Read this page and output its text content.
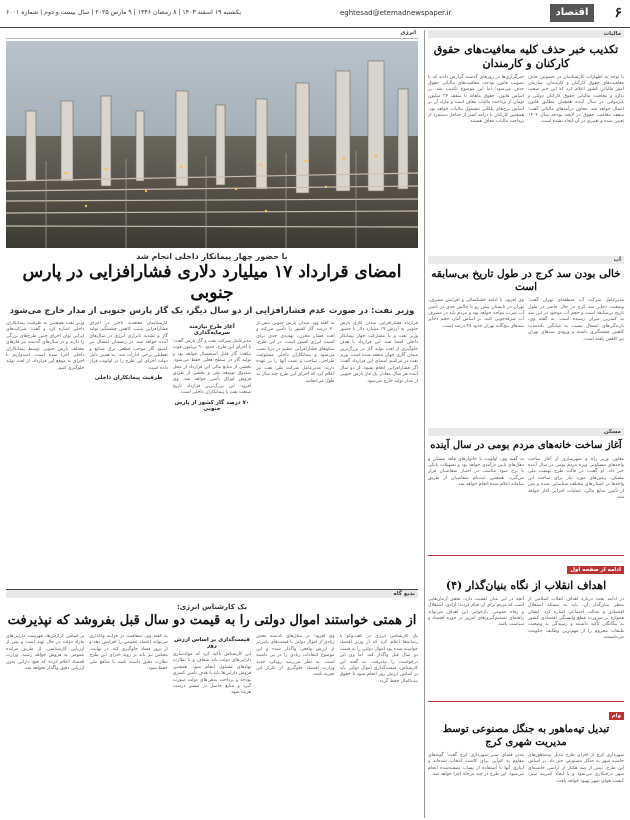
۶
اقتصاد
eghtesad@etemadnewspaper.ir
یکشنبه ۱۹ اسفند ۱۴۰۳ | ۸ رمضان ۱۴۴۶ | ۹ مارس ۲۰۲۵ | سال بیست و دوم | شماره ۶۰۰۱
مالیات
تکذیب خبر حذف کلیه معافیت‌های حقوق کارکنان و کارمندان
با توجه به اظهارات کارشناسان در خصوص حذف معافیت‌های حقوق کارکنان و کارمندان، سازمان امور مالیاتی کشور اعلام کرد که این خبر صحت ندارد و معافیت مالیاتی حقوق کارکنان دولتی و غیردولتی در سال آینده همچنان مطابق قانون اعمال خواهد شد. معاون درآمدهای مالیاتی گفت: سقف معافیت حقوق در لایحه بودجه سال ۱۴۰۴ تعیین شده و تغییری در آن ایجاد نشده است.
خبرگزاری‌ها در روزهای گذشته گزارش دادند که با تصویب قانون بودجه، معافیت‌های مالیاتی حقوق حذف می‌شود؛ اما این موضوع تکذیب شد. بر اساس قانون، حقوق ماهانه تا سقف ۲۴ میلیون تومان از پرداخت مالیات معاف است و مازاد آن بر اساس نرخ‌های پلکانی مشمول مالیات خواهد بود. همچنین کارکنان با درآمد کمتر از حداقل دستمزد از پرداخت مالیات معاف هستند.
آب
خالی بودن سد کرج در طول تاریخ بی‌سابقه است
مدیرعامل شرکت آب منطقه‌ای تهران گفت: وضعیت ذخایر سد کرج در حال حاضر در طول تاریخ بی‌سابقه است و حجم آب موجود در این سد به کمترین میزان رسیده است. به گفته وی، بارندگی‌های امسال نسبت به میانگین بلندمدت کاهش چشمگیری داشته و ورودی سدهای تهران نیز کاهش یافته است.
وی افزود: با ادامه خشکسالی و افزایش مصرف، تهران در تابستان پیش رو با چالش جدی در تأمین آب شرب مواجه خواهد بود و مردم باید در مصرف آب صرفه‌جویی کنند. بر اساس آمار، حجم ذخایر سدهای پنج‌گانه تهران حدود ۲۸ درصد است.
مسکن
آغاز ساخت خانه‌های مردم بومی در سال آینده
معاون وزیر راه و شهرسازی از آغاز ساخت واحدهای مسکونی ویژه مردم بومی در سال آینده خبر داد. او گفت: در قالب طرح نهضت ملی مسکن، زمین‌های مورد نیاز برای ساخت این واحدها در استان‌های مختلف شناسایی شده و پس از تأمین منابع مالی، عملیات اجرایی آغاز خواهد شد.
به گفته وی، اولویت با خانوارهای فاقد مسکن و دهک‌های پایین درآمدی خواهد بود و تسهیلات بانکی با نرخ سود مناسب در اختیار متقاضیان قرار می‌گیرد. همچنین ثبت‌نام متقاضیان از طریق سامانه اعلام شده انجام خواهد شد.
ادامه از صفحه اول
اهداف انقلاب از نگاه بنیان‌گذار (۴)
در ادامه بحث درباره اهداف انقلاب اسلامی از منظر بنیان‌گذار آن، باید به مسئله استقلال اقتصادی و عدالت اجتماعی اشاره کرد. ایشان همواره بر ضرورت قطع وابستگی اقتصادی کشور به بیگانگان تأکید داشتند و رسیدگی به وضعیت طبقات محروم را از مهم‌ترین وظایف حکومت می‌دانستند.
آنچه در این میان اهمیت دارد، تحقق آرمان‌هایی است که مردم برای آن قیام کردند؛ آزادی، استقلال و رفاه عمومی. بازخوانی این اهداف می‌تواند راهنمای تصمیم‌گیری‌های امروز در حوزه اقتصاد و سیاست باشد.
وام
تبدیل تپه‌ماهور به جنگل مصنوعی توسط مدیریت شهری کرج
شهرداری کرج از اجرای طرح تبدیل تپه‌ماهورهای حاشیه شهر به جنگل مصنوعی خبر داد. بر اساس این طرح، بیش از صد هکتار از اراضی حاشیه‌ای شهر درختکاری می‌شود و با ایجاد کمربند سبز، کیفیت هوای شهر بهبود خواهد یافت.
مدیر فضای سبز شهرداری کرج گفت: گونه‌های مقاوم به کم‌آبی برای کاشت انتخاب شده‌اند و آبیاری آنها با استفاده از پساب تصفیه‌شده انجام می‌شود. این طرح در چند مرحله اجرا خواهد شد.
انرژی
با حضور چهار پیمانکار داخلی انجام شد
امضای قرارداد ۱۷ میلیارد دلاری فشارافزایی در پارس جنوبی
وزیر نفت: در صورت عدم فشارافزایی از دو سال دیگر، یک گاز پارس جنوبی از مدار خارج می‌شود
قرارداد فشارافزایی میدان گازی پارس جنوبی به ارزش ۱۷ میلیارد دلار با حضور وزیر نفت و با مشارکت چهار پیمانکار داخلی امضا شد. این قرارداد با هدف جلوگیری از افت تولید گاز در بزرگ‌ترین میدان گازی جهان منعقد شده است. وزیر نفت در مراسم امضای این قرارداد گفت: اگر فشارافزایی انجام نشود، از دو سال آینده هر سال معادل یک فاز پارس جنوبی از مدار تولید خارج می‌شود.
به گفته وی، میدان پارس جنوبی بیش از ۷۰ درصد گاز کشور را تأمین می‌کند و افت فشار مخزن، تهدیدی جدی برای امنیت انرژی کشور است. در این طرح، سکوهای فشارافزایی عظیم در دریا نصب می‌شود و پیمانکاران داخلی مسئولیت طراحی، ساخت و نصب آنها را بر عهده دارند. مدیرعامل شرکت ملی نفت نیز اعلام کرد که اجرای این طرح چند سال به طول می‌انجامد.
آغاز طرح نیازمند سرمایه‌گذاری
مدیرعامل شرکت نفت و گاز پارس گفت: با اجرای این طرح، حدود ۹۰ تریلیون فوت مکعب گاز قابل استحصال خواهد بود و تولید گاز در سطح فعلی حفظ می‌شود. بخشی از منابع مالی این قرارداد از محل صندوق توسعه ملی و بخشی از طریق فروش اوراق تأمین خواهد شد. وی افزود: این بزرگ‌ترین قرارداد تاریخ صنعت نفت با پیمانکاران داخلی است.
۷۰ درصد گاز کشور از پارس جنوبی
کارشناسان معتقدند تأخیر در اجرای فشارافزایی سبب کاهش چشمگیر تولید گاز و تشدید ناترازی انرژی در سال‌های آینده خواهد شد. در زمستان امسال نیز کمبود گاز موجب قطعی برق صنایع و تعطیلی برخی ادارات شد. به همین دلیل دولت اجرای این طرح را در اولویت قرار داده است.
ظرفیت پیمانکاران داخلی
وزیر نفت همچنین به ظرفیت پیمانکاران داخلی اشاره کرد و گفت: شرکت‌های ایرانی توان اجرای چنین طرح‌های بزرگی را دارند و در سال‌های گذشته نیز فازهای مختلف پارس جنوبی توسط پیمانکاران داخلی اجرا شده است. امیدواریم با اجرای به موقع این قرارداد، از افت تولید جلوگیری کنیم.
بدیع گاه
یک کارشناس انرژی:
از همتی خواستند اموال دولتی را به قیمت دو سال قبل بفروشد که نپذیرفت
یک کارشناس انرژی در گفت‌وگو با رسانه‌ها اعلام کرد که از وزیر اقتصاد خواسته شده بود اموال دولتی را به قیمت دو سال قبل واگذار کند، اما وی این درخواست را نپذیرفت. به گفته این کارشناس، قیمت‌گذاری اموال دولتی باید بر اساس ارزش روز انجام شود تا حقوق بیت‌المال حفظ گردد.
وی افزود: در سال‌های گذشته بخش زیادی از اموال دولتی با قیمت‌های پایین‌تر از ارزش واقعی واگذار شده و این موضوع انتقادات زیادی را در پی داشته است. به نظر می‌رسد رویکرد جدید وزارت اقتصاد جلوگیری از تکرار این تجربه باشد.
قیمت‌گذاری بر اساس ارزش روز
این کارشناس تأکید کرد که مولدسازی دارایی‌های دولت باید شفاف و با نظارت نهادهای مسئول انجام شود. همچنین فروش دارایی‌ها باید با هدف تأمین کسری بودجه و پرداخت بدهی‌های دولت صورت گیرد و منابع حاصل در مسیر درست هزینه شود.
به گفته وی، شفافیت در فرآیند واگذاری می‌تواند اعتماد عمومی را افزایش دهد و از بروز فساد جلوگیری کند. در نهایت، مجلس نیز باید بر روند اجرای این طرح نظارت دقیق داشته باشد تا منافع ملی حفظ شود.
بر اساس گزارش‌ها، فهرست دارایی‌های مازاد دولت در حال تهیه است و پس از ارزیابی کارشناسی، از طریق مزایده عمومی به فروش خواهد رسید. وزارت اقتصاد اعلام کرده که هیچ دارایی بدون ارزیابی دقیق واگذار نخواهد شد.
